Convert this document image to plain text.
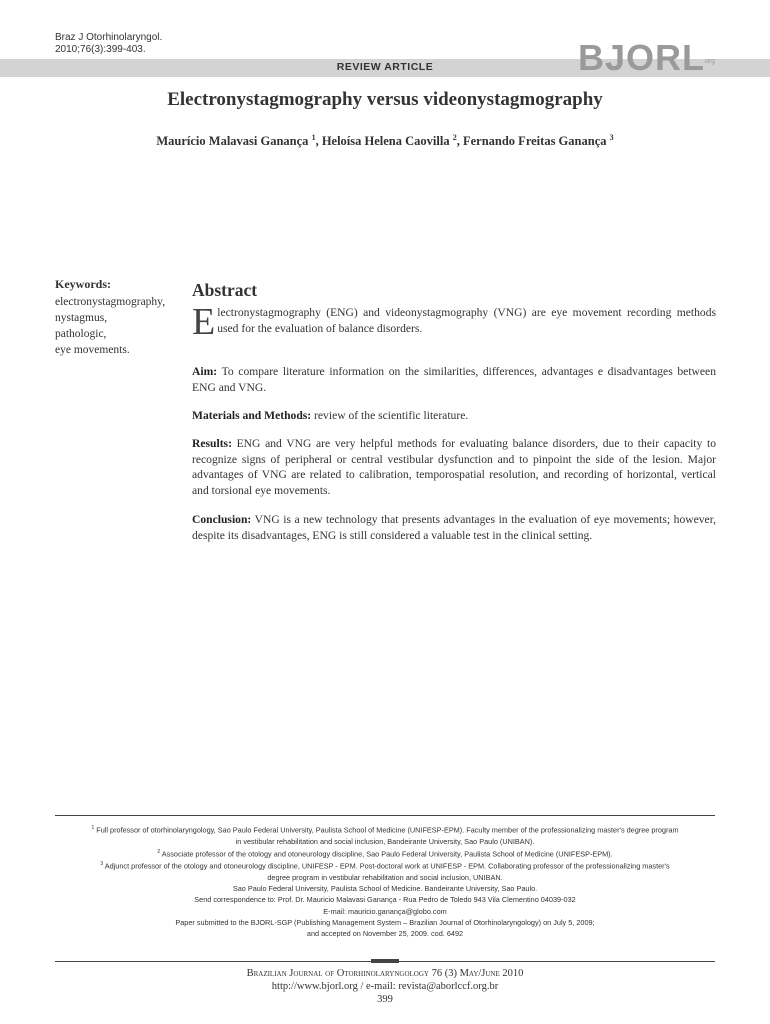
Braz J Otorhinolaryngol.
2010;76(3):399-403.
REVIEW ARTICLE	BJORL
.org
Electronystagmography versus videonystagmography
Maurício Malavasi Ganança $^1$, Heloísa Helena Caovilla $^2$, Fernando Freitas Ganança $^3$
Keywords:
electronystagmography,
nystagmus,
pathologic,
eye movements.
Abstract
Electronystagmography (ENG) and videonystagmography (VNG) are eye movement recording methods used for the evaluation of balance disorders.
Aim: To compare literature information on the similarities, differences, advantages e disadvantages between ENG and VNG.
Materials and Methods: review of the scientific literature.
Results: ENG and VNG are very helpful methods for evaluating balance disorders, due to their capacity to recognize signs of peripheral or central vestibular dysfunction and to pinpoint the side of the lesion. Major advantages of VNG are related to calibration, temporospatial resolution, and recording of horizontal, vertical and torsional eye movements.
Conclusion: VNG is a new technology that presents advantages in the evaluation of eye movements; however, despite its disadvantages, ENG is still considered a valuable test in the clinical setting.
$^1$ Full professor of otorhinolaryngology, Sao Paulo Federal University, Paulista School of Medicine (UNIFESP-EPM). Faculty member of the professionalizing master's degree program
in vestibular rehabilitation and social inclusion, Bandeirante University, Sao Paulo (UNIBAN).
$^2$ Associate professor of the otology and otoneurology discipline, Sao Paulo Federal University, Paulista School of Medicine (UNIFESP-EPM).
$^3$ Adjunct professor of the otology and otoneurology discipline, UNIFESP - EPM. Post-doctoral work at UNIFESP - EPM. Collaborating professor of the professionalizing master's
degree program in vestibular rehabilitation and social inclusion, UNIBAN.
Sao Paulo Federal University, Paulista School of Medicine. Bandeirante University, Sao Paulo.
Send correspondence to: Prof. Dr. Mauricio Malavasi Ganança - Rua Pedro de Toledo 943 Vila Clementino 04039-032
E-mail: mauricio.ganança@globo.com
Paper submitted to the BJORL-SGP (Publishing Management System – Brazilian Journal of Otorhinolaryngology) on July 5, 2009;
and accepted on November 25, 2009. cod. 6492
Brazilian Journal of Otorhinolaryngology 76 (3) May/June 2010
http://www.bjorl.org / e-mail: revista@aborlccf.org.br
399
